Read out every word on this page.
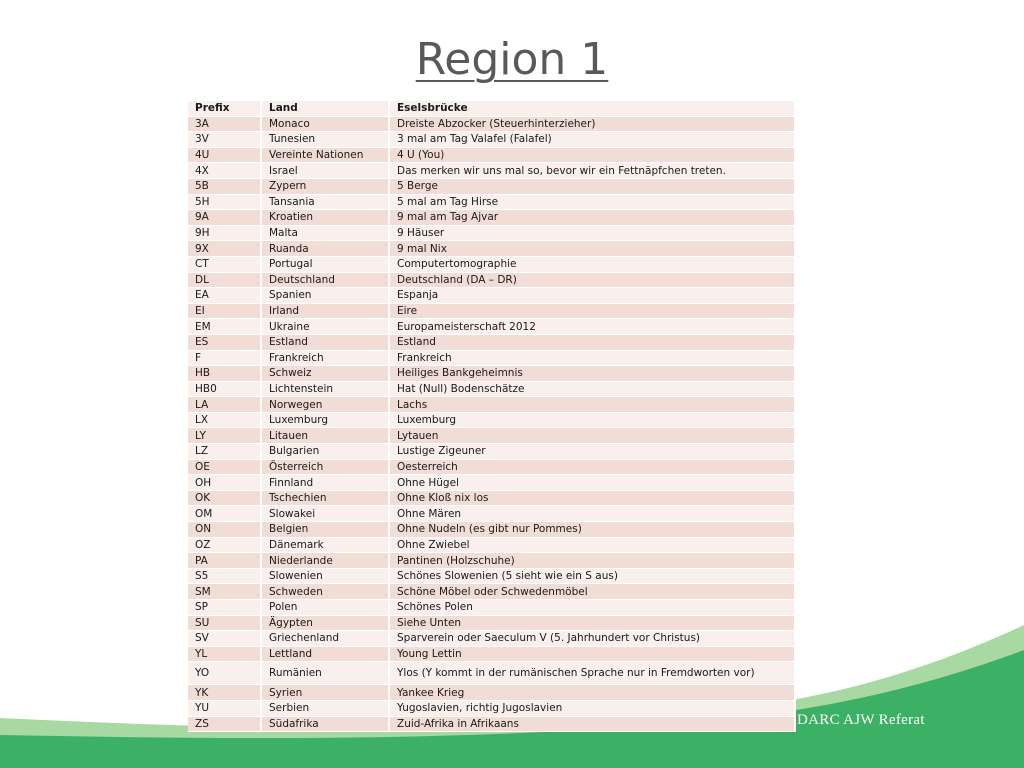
Region 1
Prefix	Land	Eselsbrücke
3A	Monaco	Dreiste Abzocker (Steuerhinterzieher)
3V	Tunesien	3 mal am Tag Valafel (Falafel)
4U	Vereinte Nationen	4 U (You)
4X	Israel	Das merken wir uns mal so, bevor wir ein Fettnäpfchen treten.
5B	Zypern	5 Berge
5H	Tansania	5 mal am Tag Hirse
9A	Kroatien	9 mal am Tag Ajvar
9H	Malta	9 Häuser
9X	Ruanda	9 mal Nix
CT	Portugal	Computertomographie
DL	Deutschland	Deutschland (DA – DR)
EA	Spanien	Espanja
EI	Irland	Eire
EM	Ukraine	Europameisterschaft 2012
ES	Estland	Estland
F	Frankreich	Frankreich
HB	Schweiz	Heiliges Bankgeheimnis
HB0	Lichtenstein	Hat (Null) Bodenschätze
LA	Norwegen	Lachs
LX	Luxemburg	Luxemburg
LY	Litauen	Lytauen
LZ	Bulgarien	Lustige Zigeuner
OE	Österreich	Oesterreich
OH	Finnland	Ohne Hügel
OK	Tschechien	Ohne Kloß nix los
OM	Slowakei	Ohne Mären
ON	Belgien	Ohne Nudeln (es gibt nur Pommes)
OZ	Dänemark	Ohne Zwiebel
PA	Niederlande	Pantinen (Holzschuhe)
S5	Slowenien	Schönes Slowenien (5 sieht wie ein S aus)
SM	Schweden	Schöne Möbel oder Schwedenmöbel
SP	Polen	Schönes Polen
SU	Ägypten	Siehe Unten
SV	Griechenland	Sparverein oder Saeculum V (5. Jahrhundert vor Christus)
YL	Lettland	Young Lettin
YO	Rumänien	Ylos (Y kommt in der rumänischen Sprache nur in Fremdworten vor)
YK	Syrien	Yankee Krieg
YU	Serbien	Yugoslavien, richtig Jugoslavien
ZS	Südafrika	Zuid-Afrika in Afrikaans	DARC AJW Referat
